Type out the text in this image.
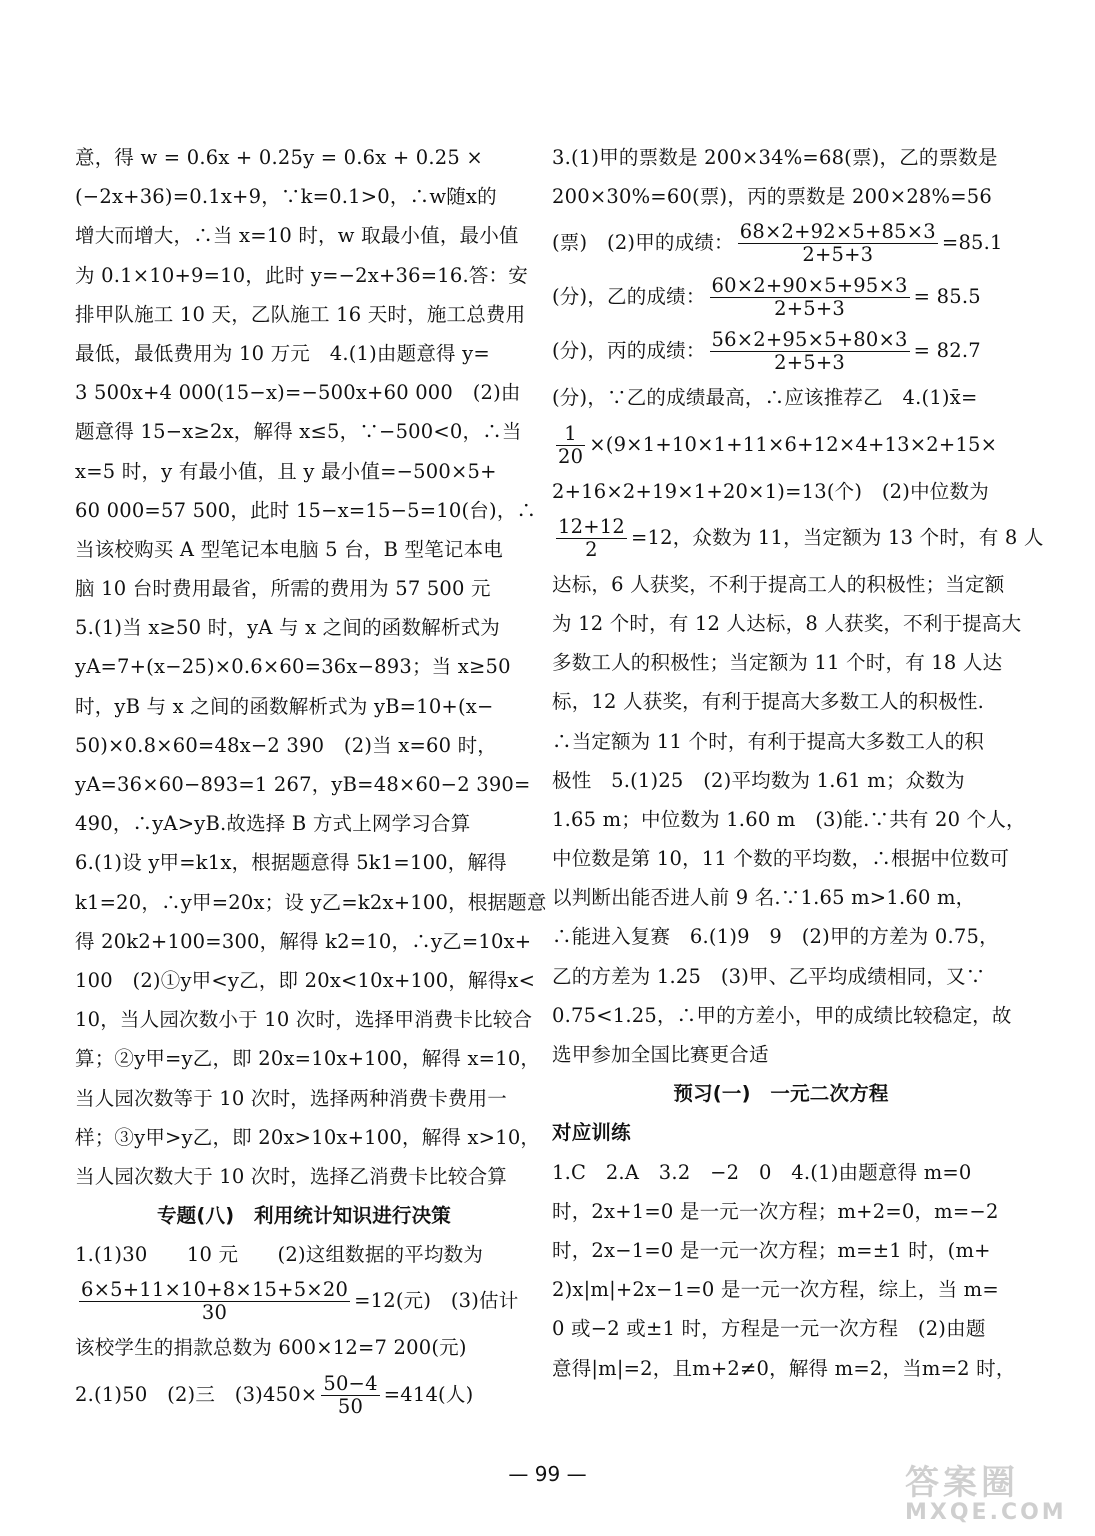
意，得 w = 0.6x + 0.25y = 0.6x + 0.25 ×
(−2x+36)=0.1x+9，∵k=0.1>0，∴w随x的
增大而增大，∴当 x=10 时，w 取最小值，最小值
为 0.1×10+9=10，此时 y=−2x+36=16.答：安
排甲队施工 10 天，乙队施工 16 天时，施工总费用
最低，最低费用为 10 万元　4.(1)由题意得 y=
3 500x+4 000(15−x)=−500x+60 000　(2)由
题意得 15−x≥2x，解得 x≤5，∵−500<0，∴当
x=5 时，y 有最小值，且 y 最小值=−500×5+
60 000=57 500，此时 15−x=15−5=10(台)，∴
当该校购买 A 型笔记本电脑 5 台，B 型笔记本电
脑 10 台时费用最省，所需的费用为 57 500 元
5.(1)当 x≥50 时，yA 与 x 之间的函数解析式为
yA=7+(x−25)×0.6×60=36x−893；当 x≥50
时，yB 与 x 之间的函数解析式为 yB=10+(x−
50)×0.8×60=48x−2 390　(2)当 x=60 时，
yA=36×60−893=1 267，yB=48×60−2 390=
490，∴yA>yB.故选择 B 方式上网学习合算
6.(1)设 y甲=k1x，根据题意得 5k1=100，解得
k1=20，∴y甲=20x；设 y乙=k2x+100，根据题意
得 20k2+100=300，解得 k2=10，∴y乙=10x+
100　(2)①y甲<y乙，即 20x<10x+100，解得x<
10，当人园次数小于 10 次时，选择甲消费卡比较合
算；②y甲=y乙，即 20x=10x+100，解得 x=10，
当人园次数等于 10 次时，选择两种消费卡费用一
样；③y甲>y乙，即 20x>10x+100，解得 x>10，
当人园次数大于 10 次时，选择乙消费卡比较合算
专题(八)　利用统计知识进行决策
1.(1)30　　10 元　　(2)这组数据的平均数为
$\frac{6\times 5+11\times 10+8\times 15+5\times 20}{30} =12$(元)　(3)估计
该校学生的捐款总数为 600×12=7 200(元)
2.(1)50　(2)三　$(3)450\times \frac{50-4}{50} =414$(人)
3.(1)甲的票数是 200×34%=68(票)，乙的票数是
200×30%=60(票)，丙的票数是 200×28%=56
(票)　(2)甲的成绩： $\frac{68\times 2+92\times 5+85\times 3}{2+5+3} =85.1$
(分)，乙的成绩： $\frac{60\times 2+90\times 5+95\times 3}{2+5+3} = 85.5$
(分)，丙的成绩： $\frac{56\times 2+95\times 5+80\times 3}{2+5+3} = 82.7$
(分)，∵乙的成绩最高，∴应该推荐乙　4.(1)x̄=
$\frac{1}{20} \times(9\times 1+10\times 1+11\times 6+12\times 4+13\times 2+15\times$
2+16×2+19×1+20×1)=13(个)　(2)中位数为
$\frac{12+12}{2} =12$，众数为 11，当定额为 13 个时，有 8 人
达标，6 人获奖，不利于提高工人的积极性；当定额
为 12 个时，有 12 人达标，8 人获奖，不利于提高大
多数工人的积极性；当定额为 11 个时，有 18 人达
标，12 人获奖，有利于提高大多数工人的积极性.
∴当定额为 11 个时，有利于提高大多数工人的积
极性　5.(1)25　(2)平均数为 1.61 m；众数为
1.65 m；中位数为 1.60 m　(3)能.∵共有 20 个人，
中位数是第 10，11 个数的平均数，∴根据中位数可
以判断出能否进人前 9 名.∵1.65 m>1.60 m，
∴能进入复赛　6.(1)9　9　(2)甲的方差为 0.75，
乙的方差为 1.25　(3)甲、乙平均成绩相同，又∵
0.75<1.25，∴甲的方差小，甲的成绩比较稳定，故
选甲参加全国比赛更合适
预习(一)　一元二次方程
对应训练
1.C　2.A　3.2　−2　0　4.(1)由题意得 m=0
时，2x+1=0 是一元一次方程；m+2=0，m=−2
时，2x−1=0 是一元一次方程；m=±1 时，(m+
2)x|m|+2x−1=0 是一元一次方程，综上，当 m=
0 或−2 或±1 时，方程是一元一次方程　(2)由题
意得|m|=2，且m+2≠0，解得 m=2，当m=2 时，
— 99 —	答案圈
MXQE.COM
